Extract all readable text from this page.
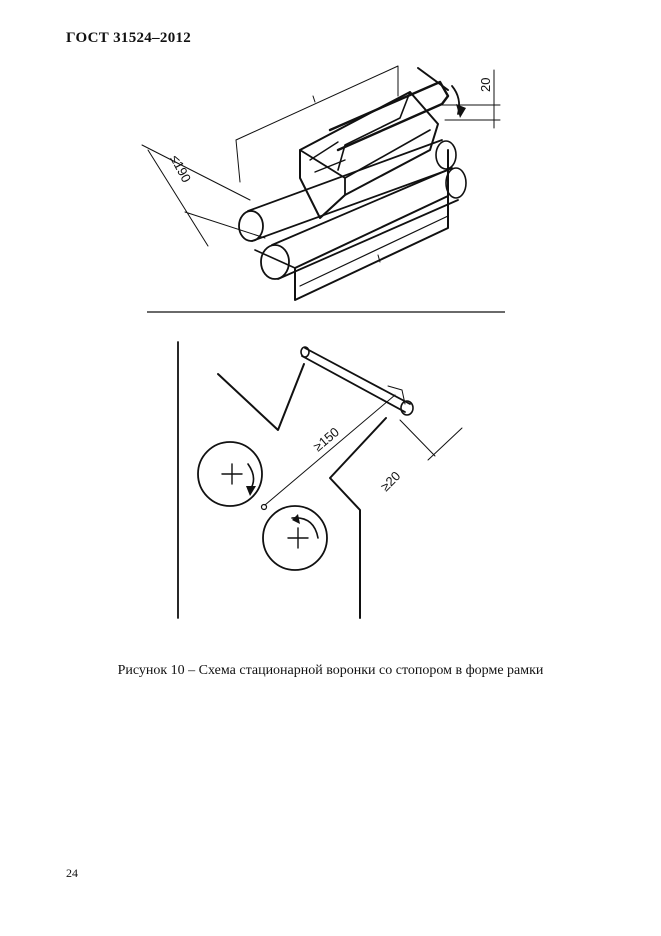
ГОСТ 31524–2012
20
≤190
≥150
≥20
Рисунок 10 – Схема стационарной воронки со стопором в форме рамки
24
